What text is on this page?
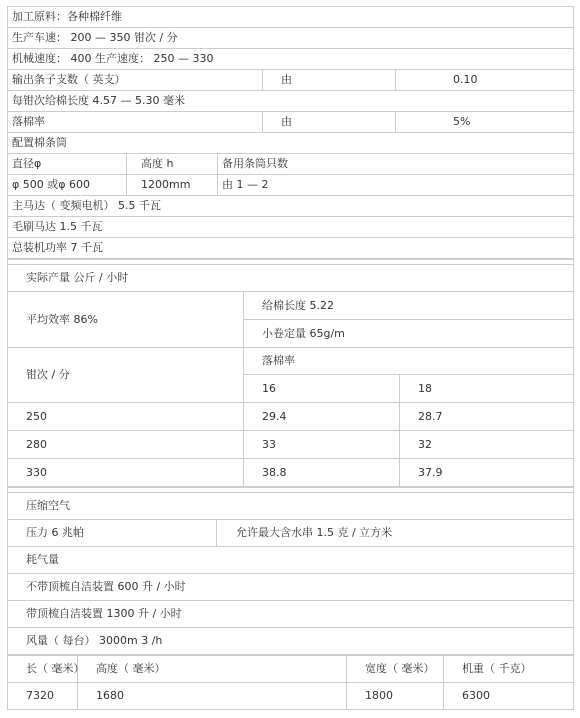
加工原料：各种棉纤维				
生产车速： 200 — 350 钳次 / 分				
机械速度： 400 生产速度： 250 — 330				
输出条子支数（ 英支）			由	0.10
每钳次给棉长度 4.57 — 5.30 毫米				
落棉率			由	5%
配置棉条筒				
直径φ	高度 h	备用条筒只数		
φ 500 或φ 600	1200mm	由 1 — 2		
主马达（ 变频电机） 5.5 千瓦				
毛刷马达 1.5 千瓦				
总装机功率 7 千瓦				

实际产量 公斤 / 小时		
平均效率 86%	给棉长度 5.22	
	小卷定量 65g/m	
钳次 / 分	落棉率	
	16	18
250	29.4	28.7
280	33	32
330	38.8	37.9

压缩空气
压力 6 兆帕	允许最大含水串 1.5 克 / 立方米
耗气量
不带顶梳自洁装置 600 升 / 小时
带顶梳自洁装置 1300 升 / 小时
风量（ 每台） 3000m 3 /h
长（ 毫米）	高度（ 毫米）	宽度（ 毫米）	机重（ 千克）
7320	1680	1800	6300
